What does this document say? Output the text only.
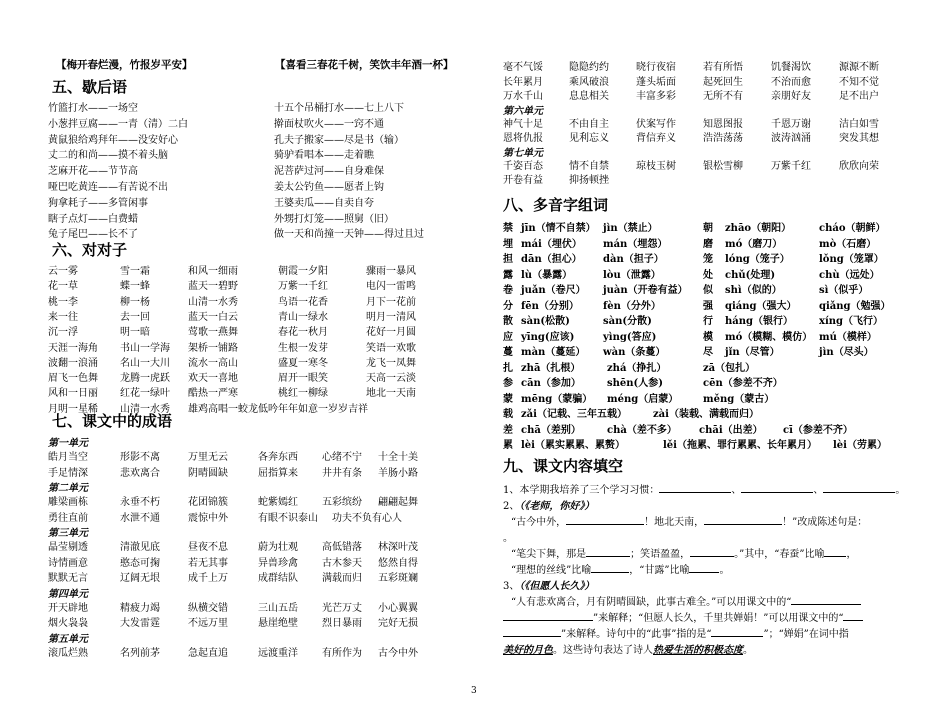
【梅开春烂漫，竹报岁平安】	【喜看三春花千树，笑饮丰年酒一杯】
五、歇后语
竹篮打水——一场空	十五个吊桶打水——七上八下
小葱拌豆腐——一青（清）二白	擀面杖吹火——一窍不通
黄鼠狼给鸡拜年——没安好心	孔夫子搬家——尽是书（输）
丈二的和尚——摸不着头脑	骑驴看唱本——走着瞧
芝麻开花——节节高	泥菩萨过河——自身难保
哑巴吃黄连——有苦说不出	姜太公钓鱼——愿者上钩
狗拿耗子——多管闲事	王婆卖瓜——自卖自夸
瞎子点灯——白费蜡	外甥打灯笼——照舅（旧）
兔子尾巴——长不了	做一天和尚撞一天钟——得过且过
六、对对子
云一雾	雪一霜	和风一细雨	朝霞一夕阳	骤雨一暴风
花一草	蝶一蜂	蓝天一碧野	万紫一千红	电闪一雷鸣
桃一李	柳一杨	山清一水秀	鸟语一花香	月下一花前
来一往	去一回	蓝天一白云	青山一绿水	明月一清风
沉一浮	明一暗	莺歌一燕舞	春花一秋月	花好一月圆
天涯一海角 书山一学海 架桥一铺路	生根一发芽	笑语一欢歌
波翻一浪涌 名山一大川 流水一高山	盛夏一寒冬	龙飞一凤舞
眉飞一色舞 龙腾一虎跃 欢天一喜地	眉开一眼笑	天高一云淡
风和一日丽 红花一绿叶 酷热一严寒	桃红一柳绿	地北一天南
月明一星稀 山清一水秀 雄鸡高唱一蛟龙低吟 年年如意一岁岁吉祥
七、课文中的成语
第一单元
皓月当空	形影不离	万里无云	各奔东西 心绪不宁 十全十美
手足情深	悲欢离合	阴晴圆缺	屈指算来 井井有条 羊肠小路
第二单元
雕梁画栋	永垂不朽	花团锦簇	蛇紫嫣红 五彩缤纷 翩翩起舞
勇往直前	水泄不通	震惊中外	有眼不识泰山 功夫不负有心人
第三单元
晶莹剔透	清澈见底	昼夜不息	蔚为壮观 高低错落 林深叶茂
诗情画意	憨态可掬	若无其事	异兽珍禽 古木参天 悠然自得
默默无言	辽阔无垠	成千上万	成群结队 满载而归 五彩斑斓
第四单元
开天辟地	精疲力竭	纵横交错	三山五岳 光芒万丈 小心翼翼
烟火袅袅	大发雷霆	不远万里	悬崖绝壁 烈日暴雨 完好无损
第五单元
滚瓜烂熟	名列前茅	急起直追	远渡重洋 有所作为 古今中外
毫不气馁	隐隐约约	晓行夜宿	若有所悟	饥餐渴饮	源源不断
长年累月	乘风破浪	蓬头垢面	起死回生	不治而愈	不知不觉
万水千山	息息相关	丰富多彩	无所不有	亲朋好友	足不出户
第六单元
神气十足	不由自主	伏案写作	知恩图报	千恩万谢	洁白如雪
恩将仇报	见利忘义	背信弃义	浩浩荡荡	波涛汹涌	突发其想
第七单元
千姿百态	情不自禁	琼枝玉树	银松雪柳	万紫千红	欣欣向荣
开卷有益	抑扬顿挫
八、多音字组词
禁 jīn（情不自禁） jìn（禁止）	朝 zhāo（朝阳）	cháo（朝鲜）
埋 mái（埋伏） mán（埋怨）	磨 mó（磨刀）	mò（石磨）
担 dān（担心） dàn（担子）	笼 lóng（笼子）	lǒng（笼罩）
露 lù（暴露）	lòu（泄露）	处 chǔ(处理)	chù（远处）
卷 juǎn（卷尺） juàn（开卷有益） 似 shì（似的）	sì（似乎）
分 fēn（分别） fèn（分外）	强 qiáng（强大） qiǎng（勉强）
散 sàn(松散)	sàn(分散)	行 háng（银行）	xíng（飞行）
应 yīng(应该)	yìng(答应)	模 mó（模糊、模仿） mú（模样）
蔓 màn（蔓延） wàn（条蔓）	尽 jǐn（尽管）	jìn（尽头）
扎 zhā（扎根）	zhá（挣扎）	zā（包扎）
参 cān（参加）	shēn(人参)	cēn（参差不齐）
蒙 mēng（蒙骗） méng（启蒙） měng（蒙古）
载 zǎi（记载、三年五载）	zài（装载、满载而归）
差 chā（差别）	chà（差不多） chāi（出差） cī（参差不齐）
累 lèi（累实累累、累赘）	lěi（拖累、罪行累累、长年累月） lèi（劳累）
九、课文内容填空
1、本学期我培养了三个学习习惯：	、	、	。
2、（《老师，你好》）
“古今中外，	！地北天南，	！”改成陈述句是：
。
“笔尖下舞，那是	；笑语盈盈，	。”其中，“春蚕”比喻 ，
“理想的丝线”比喻	，“甘露”比喻	。
3、（《但愿人长久》）
“人有悲欢离合，月有阴晴圆缺，此事古难全。”可以用课文中的“
”来解释；“但愿人长久，千里共婵娟！”可以用课文中的“
”来解释。诗句中的“此事”指的是“	”；“婵娟”在词中指
美好的月色。这些诗句表达了诗人热爱生活的积极态度。
3
